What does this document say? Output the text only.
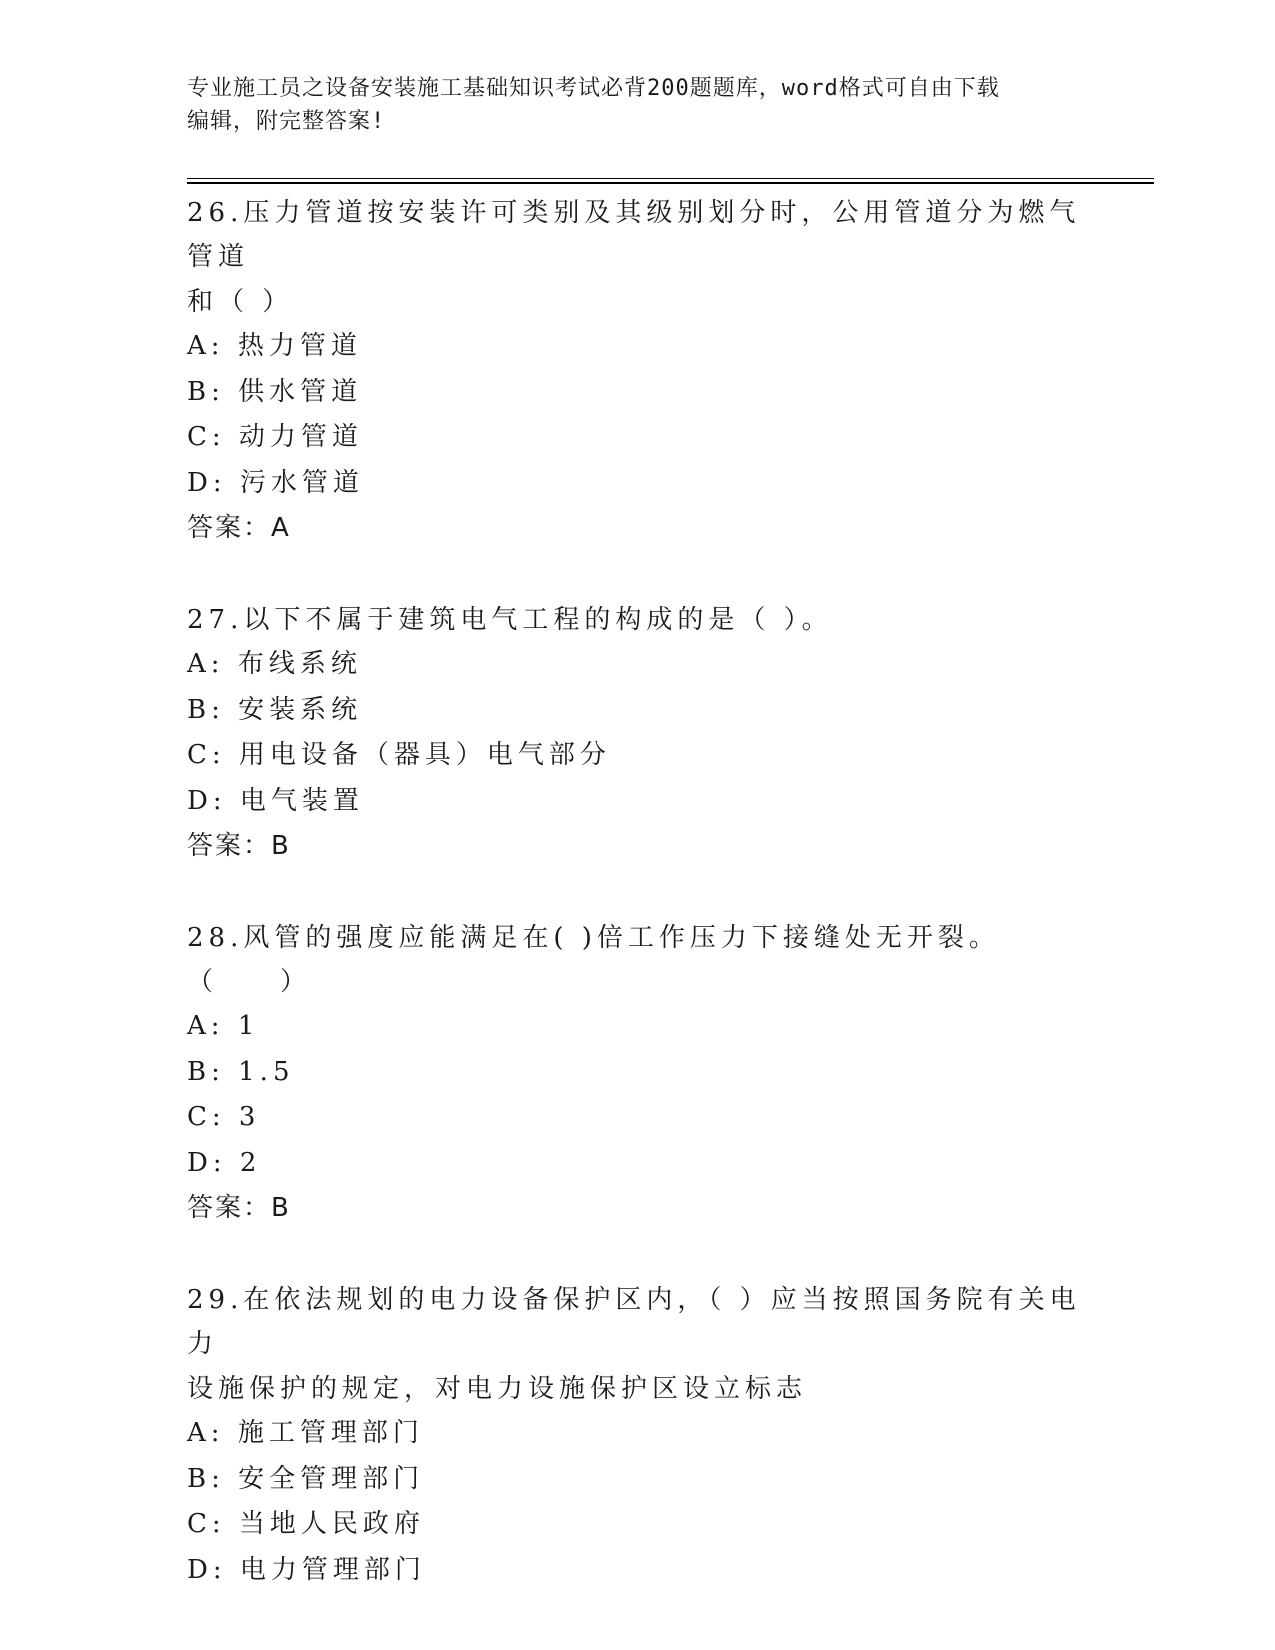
专业施工员之设备安装施工基础知识考试必背200题题库，word格式可自由下载
编辑，附完整答案!
26.压力管道按安装许可类别及其级别划分时，公用管道分为燃气管道
和（ ）
A: 热力管道
B: 供水管道
C: 动力管道
D: 污水管道
答案：A
27.以下不属于建筑电气工程的构成的是（ ）。
A: 布线系统
B: 安装系统
C: 用电设备（器具）电气部分
D: 电气装置
答案：B
28.风管的强度应能满足在( )倍工作压力下接缝处无开裂。（　　）
A: 1
B: 1.5
C: 3
D: 2
答案：B
29.在依法规划的电力设备保护区内，（ ）应当按照国务院有关电力
设施保护的规定，对电力设施保护区设立标志
A: 施工管理部门
B: 安全管理部门
C: 当地人民政府
D: 电力管理部门
